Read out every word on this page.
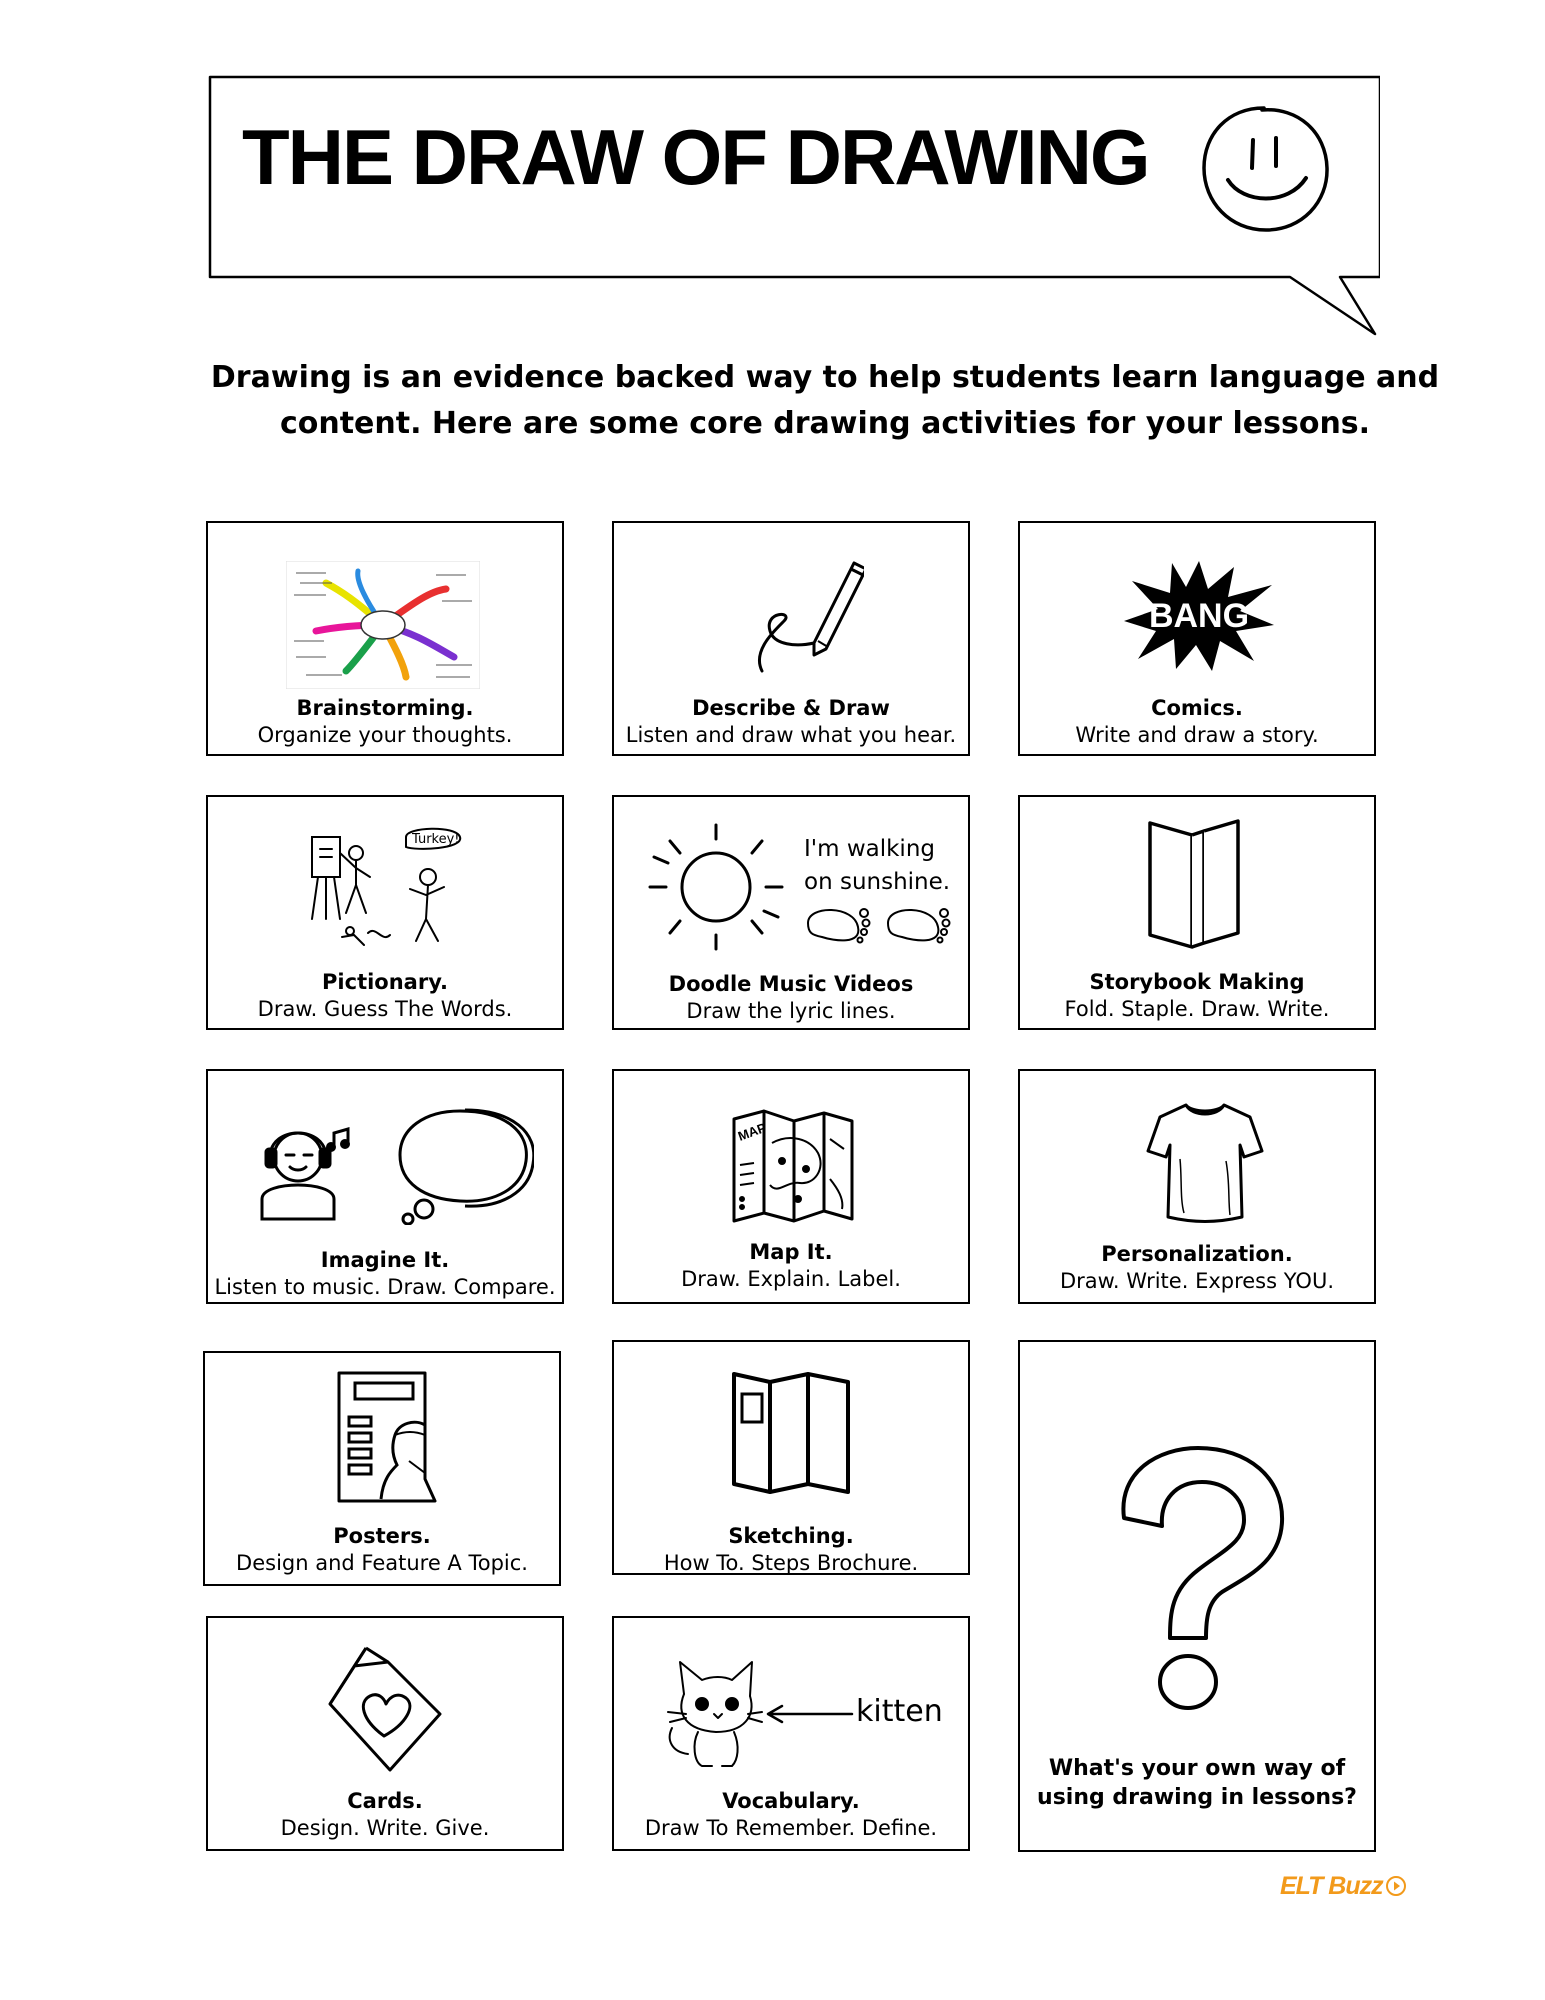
THE DRAW OF DRAWING
Drawing is an evidence backed way to help students learn language and
content. Here are some core drawing activities for your lessons.
Brainstorming.
Organize your thoughts.
Describe & Draw
Listen and draw what you hear.
BANG
Comics.
Write and draw a story.
Turkey!
Pictionary.
Draw. Guess The Words.
I'm walking
on sunshine.
Doodle Music Videos
Draw the lyric lines.
Storybook Making
Fold. Staple. Draw. Write.
Imagine It.
Listen to music. Draw. Compare.
MAP
Map It.
Draw. Explain. Label.
Personalization.
Draw. Write. Express YOU.
Posters.
Design and Feature A Topic.
Sketching.
How To. Steps Brochure.
What's your own way of
using drawing in lessons?
Cards.
Design. Write. Give.
kitten
Vocabulary.
Draw To Remember. Define.
ELT Buzz
